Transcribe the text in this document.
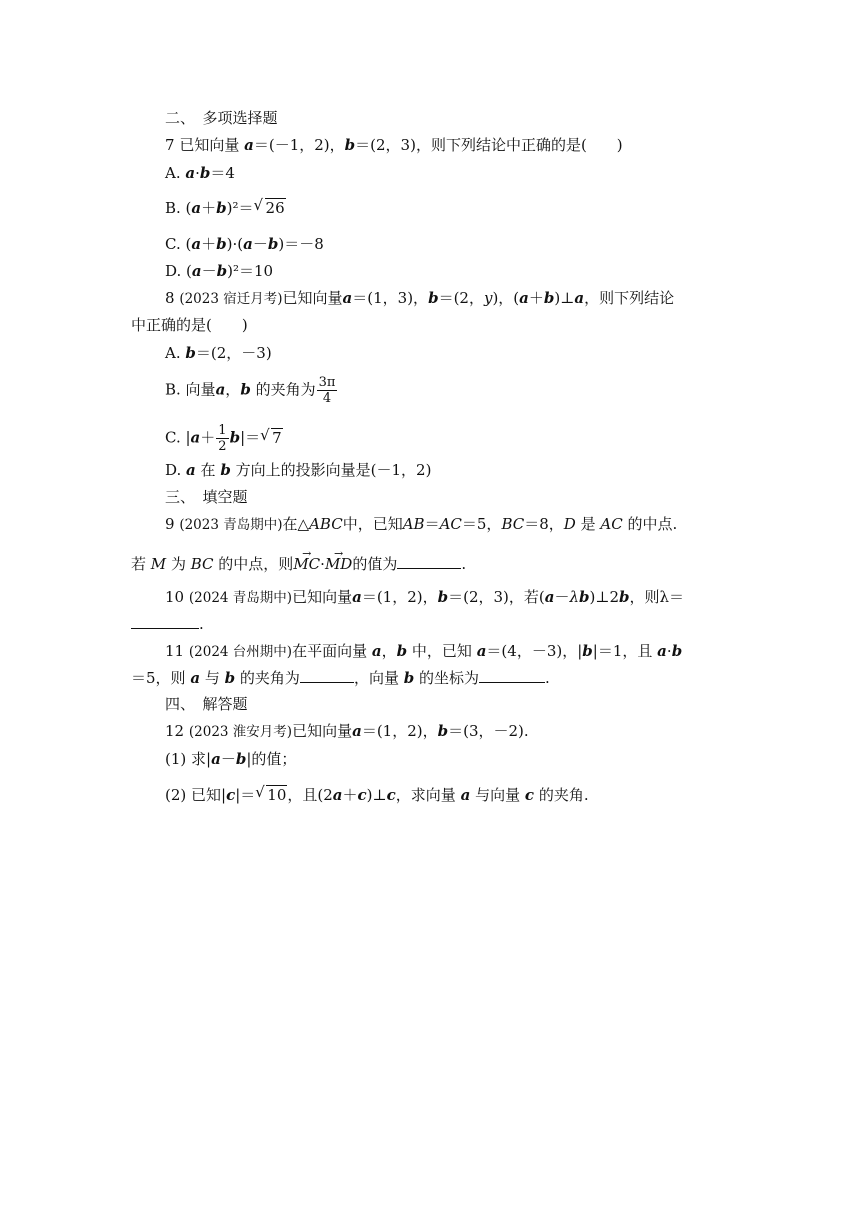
二、　多项选择题
7 已知向量 a＝(－1，2)，b＝(2，3)，则下列结论中正确的是(　　)
A. a·b＝4
B. (a＋b)²＝ √ 26
C. (a＋b)·(a－b)＝－8
D. (a－b)²＝10
8 (2023 宿迁月考)已知向量a＝(1，3)，b＝(2，y)，(a＋b)⊥a，则下列结论
中正确的是(　　)
A. b＝(2，－3)
B. 向量a，b 的夹角为 $\frac{3\pi}{4}$
C. $|a+ \frac{1}{2} b|=$ √ 7
D. a 在 b 方向上的投影向量是(－1，2)
三、　填空题
9 (2023 青岛期中)在△ABC中，已知AB＝AC＝5，BC＝8，D 是 AC 的中点.
若 M 为 BC 的中点，则→ MC·→ MD的值为	.
10 (2024 青岛期中)已知向量a＝(1，2)，b＝(2，3)，若(a－λb)⊥2b，则λ＝
.
11 (2024 台州期中)在平面向量 a，b 中，已知 a＝(4，－3)，|b|＝1，且 a·b
＝5，则 a 与 b 的夹角为	，向量 b 的坐标为	.
四、　解答题
12 (2023 淮安月考)已知向量a＝(1，2)，b＝(3，－2).
(1) 求|a－b|的值；
(2) 已知|c|＝ √ 10，且(2a＋c)⊥c，求向量 a 与向量 c 的夹角.
